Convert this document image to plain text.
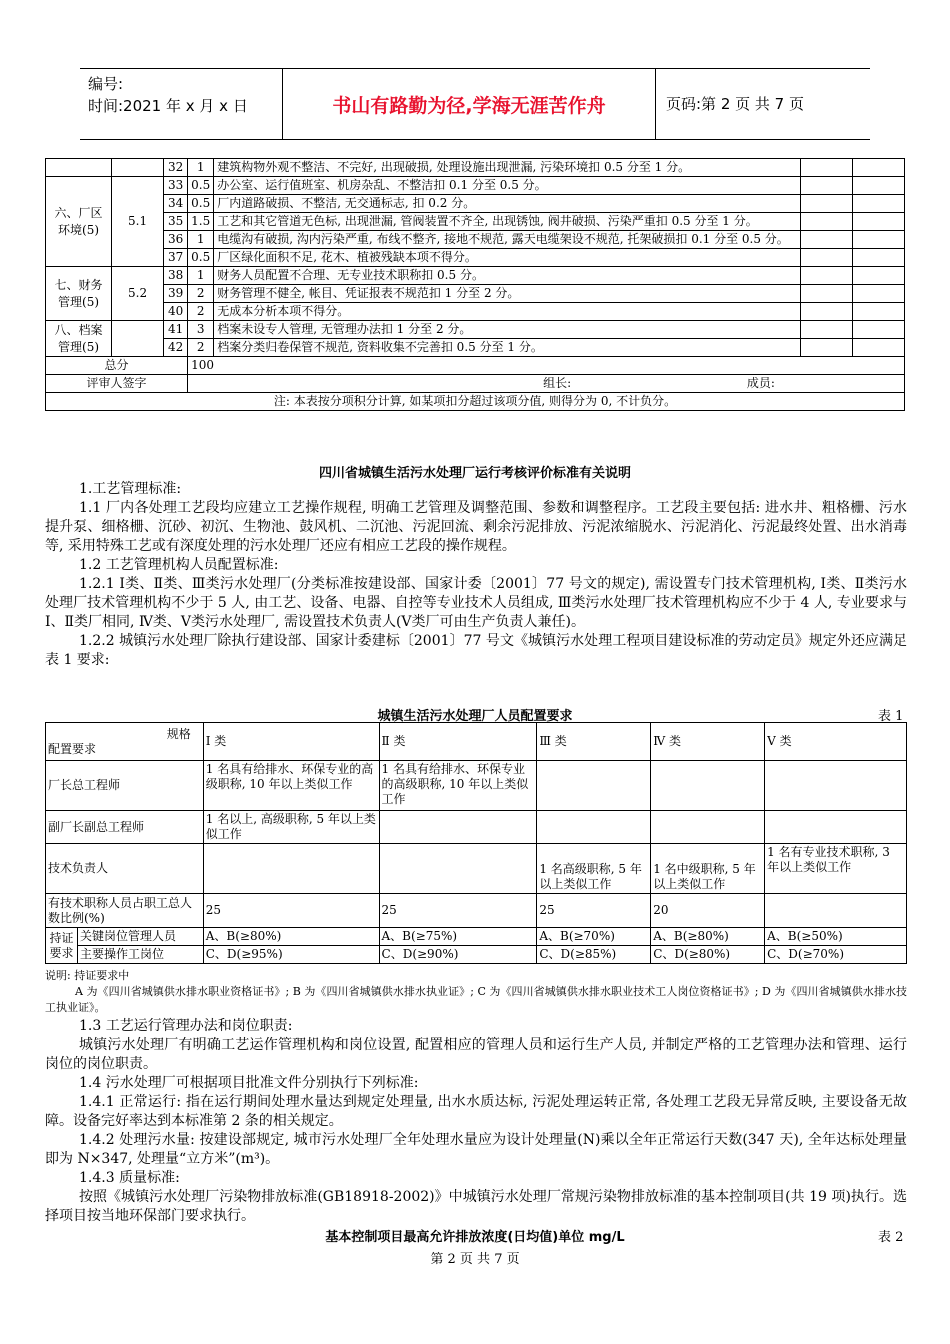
编号:
时间:2021 年 x 月 x 日	书山有路勤为径,学海无涯苦作舟	页码:第 2 页 共 7 页
		32	1	建筑构物外观不整洁、不完好, 出现破损, 处理设施出现泄漏, 污染环境扣 0.5 分至 1 分。		
六、厂区环境(5)	5.1	33	0.5	办公室、运行值班室、机房杂乱、不整洁扣 0.1 分至 0.5 分。		
		34	0.5	厂内道路破损、不整洁, 无交通标志, 扣 0.2 分。		
		35	1.5	工艺和其它管道无色标, 出现泄漏, 管阀装置不齐全, 出现锈蚀, 阀井破损、污染严重扣 0.5 分至 1 分。		
		36	1	电缆沟有破损, 沟内污染严重, 布线不整齐, 接地不规范, 露天电缆架设不规范, 托架破损扣 0.1 分至 0.5 分。		
		37	0.5	厂区绿化面积不足, 花木、植被残缺本项不得分。		
七、财务管理(5)	5.2	38	1	财务人员配置不合理、无专业技术职称扣 0.5 分。		
		39	2	财务管理不健全, 帐目、凭证报表不规范扣 1 分至 2 分。		
		40	2	无成本分析本项不得分。		
八、档案管理(5)		41	3	档案未设专人管理, 无管理办法扣 1 分至 2 分。		
		42	2	档案分类归卷保管不规范, 资料收集不完善扣 0.5 分至 1 分。		
总分			100			
评审人签字			组长: 成员:			
注: 本表按分项积分计算, 如某项扣分超过该项分值, 则得分为 0, 不计负分。						
四川省城镇生活污水处理厂运行考核评价标准有关说明

1.工艺管理标准:

1.1 厂内各处理工艺段均应建立工艺操作规程, 明确工艺管理及调整范围、参数和调整程序。工艺段主要包括: 进水井、粗格栅、污水提升泵、细格栅、沉砂、初沉、生物池、鼓风机、二沉池、污泥回流、剩余污泥排放、污泥浓缩脱水、污泥消化、污泥最终处置、出水消毒等, 采用特殊工艺或有深度处理的污水处理厂还应有相应工艺段的操作规程。

1.2 工艺管理机构人员配置标准:

1.2.1 Ⅰ类、Ⅱ类、Ⅲ类污水处理厂(分类标准按建设部、国家计委〔2001〕77 号文的规定), 需设置专门技术管理机构, Ⅰ类、Ⅱ类污水处理厂技术管理机构不少于 5 人, 由工艺、设备、电器、自控等专业技术人员组成, Ⅲ类污水处理厂技术管理机构应不少于 4 人, 专业要求与Ⅰ、Ⅱ类厂相同, Ⅳ类、Ⅴ类污水处理厂, 需设置技术负责人(Ⅴ类厂可由生产负责人兼任)。

1.2.2 城镇污水处理厂除执行建设部、国家计委建标〔2001〕77 号文《城镇污水处理工程项目建设标准的劳动定员》规定外还应满足表 1 要求:

城镇生活污水处理厂人员配置要求	表 1
规格
配置要求		Ⅰ 类	Ⅱ 类	Ⅲ 类	Ⅳ 类	Ⅴ 类
厂长总工程师		1 名具有给排水、环保专业的高级职称, 10 年以上类似工作	1 名具有给排水、环保专业的高级职称, 10 年以上类似工作			
副厂长副总工程师		1 名以上, 高级职称, 5 年以上类似工作				
技术负责人				1 名高级职称, 5 年以上类似工作	1 名中级职称, 5 年以上类似工作	1 名有专业技术职称, 3 年以上类似工作
有技术职称人员占职工总人数比例(%)		25	25	25	20	
持证要求	关键岗位管理人员	A、B(≥80%)	A、B(≥75%)	A、B(≥70%)	A、B(≥80%)	A、B(≥50%)
	主要操作工岗位	C、D(≥95%)	C、D(≥90%)	C、D(≥85%)	C、D(≥80%)	C、D(≥70%)

说明: 持证要求中

A 为《四川省城镇供水排水职业资格证书》; B 为《四川省城镇供水排水执业证》; C 为《四川省城镇供水排水职业技术工人岗位资格证书》; D 为《四川省城镇供水排水技工执业证》。

1.3 工艺运行管理办法和岗位职责:

城镇污水处理厂有明确工艺运作管理机构和岗位设置, 配置相应的管理人员和运行生产人员, 并制定严格的工艺管理办法和管理、运行岗位的岗位职责。

1.4 污水处理厂可根据项目批准文件分别执行下列标准:

1.4.1 正常运行: 指在运行期间处理水量达到规定处理量, 出水水质达标, 污泥处理运转正常, 各处理工艺段无异常反映, 主要设备无故障。设备完好率达到本标准第 2 条的相关规定。

1.4.2 处理污水量: 按建设部规定, 城市污水处理厂全年处理水量应为设计处理量(N)乘以全年正常运行天数(347 天), 全年达标处理量即为 N×347, 处理量“立方米”(m³)。

1.4.3 质量标准:

按照《城镇污水处理厂污染物排放标准(GB18918-2002)》中城镇污水处理厂常规污染物排放标准的基本控制项目(共 19 项)执行。选择项目按当地环保部门要求执行。

基本控制项目最高允许排放浓度(日均值)单位 mg/L	表 2
第 2 页 共 7 页
